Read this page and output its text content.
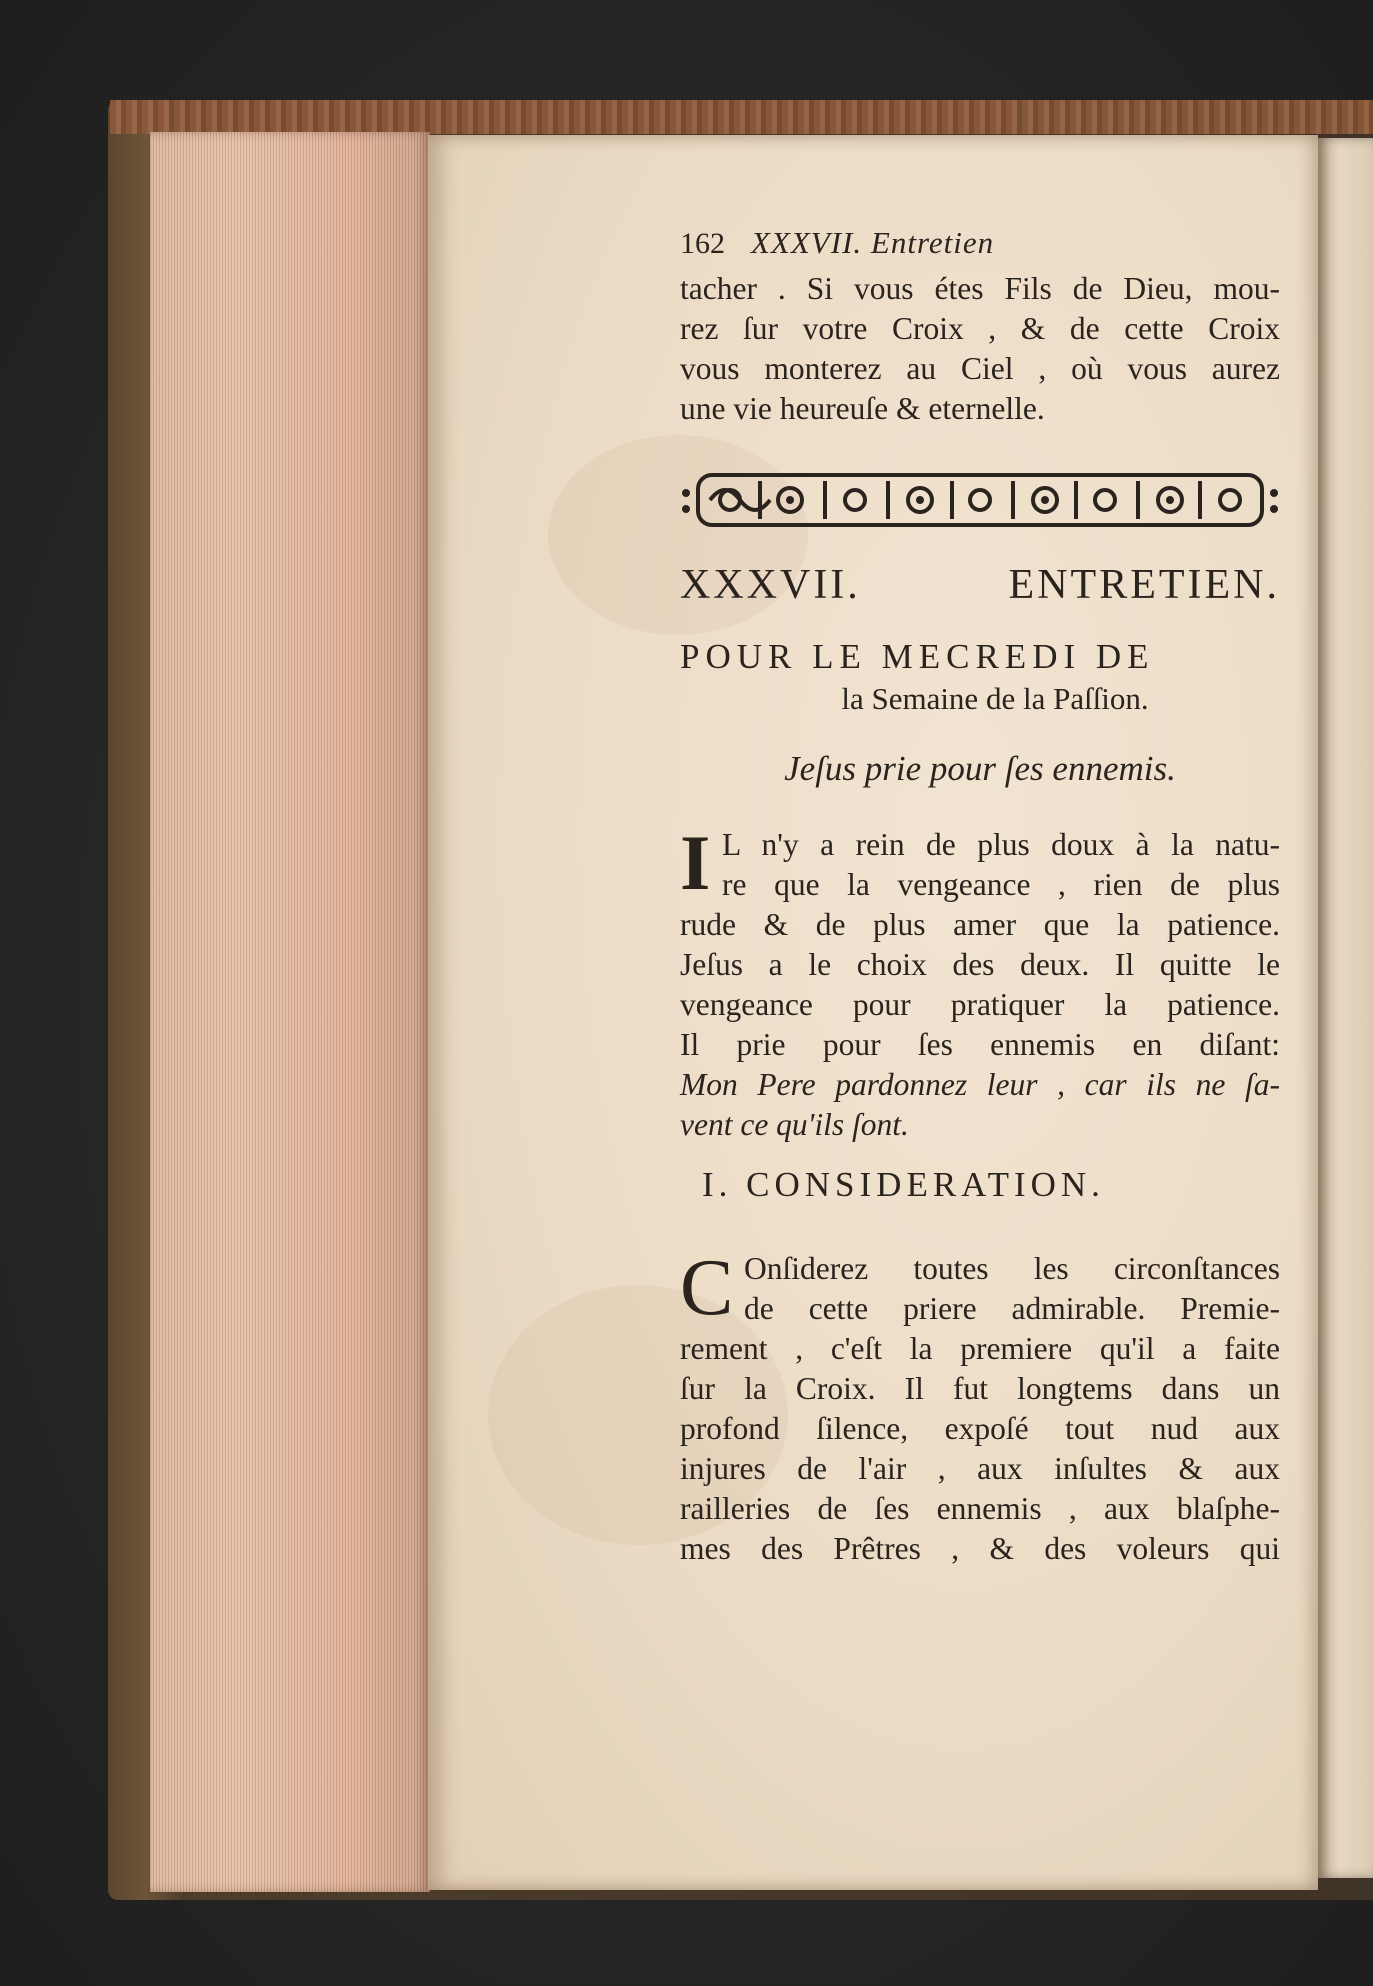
162 XXXVII. Entretien
tacher . Si vous étes Fils de Dieu, mou-
rez ſur votre Croix , & de cette Croix
vous monterez au Ciel , où vous aurez
une vie heureuſe & eternelle.
XXXVII.	ENTRETIEN.
POUR LE MECREDI DE
la Semaine de la Paſſion.
Jeſus prie pour ſes ennemis.
I L n'y a rein de plus doux à la natu-
re que la vengeance , rien de plus
rude & de plus amer que la patience.
Jeſus a le choix des deux. Il quitte le
vengeance pour pratiquer la patience.
Il prie pour ſes ennemis en diſant:
Mon Pere pardonnez leur , car ils ne ſa-
vent ce qu'ils ſont.
I. CONSIDERATION.
C Onſiderez toutes les circonſtances
de cette priere admirable. Premie-
rement , c'eſt la premiere qu'il a faite
ſur la Croix. Il fut longtems dans un
profond ſilence, expoſé tout nud aux
injures de l'air , aux inſultes & aux
railleries de ſes ennemis , aux blaſphe-
mes des Prêtres , & des voleurs qui
